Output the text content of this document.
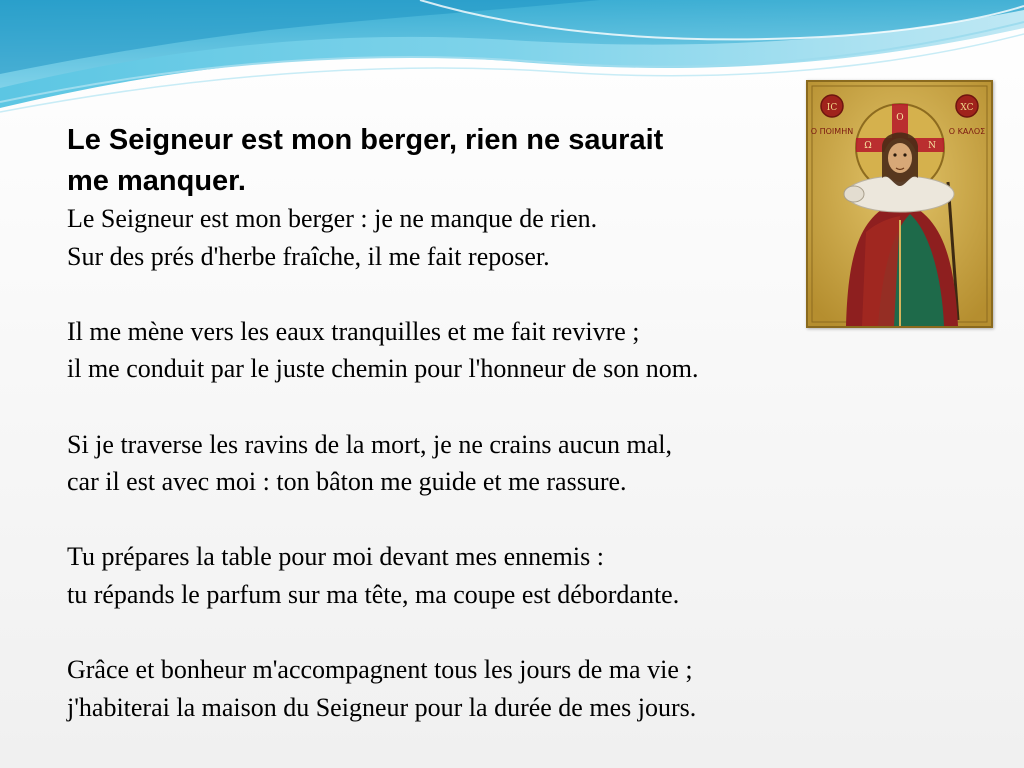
Le Seigneur est mon berger, rien ne saurait
me manquer.

Le Seigneur est mon berger : je ne manque de rien.
Sur des prés d'herbe fraîche, il me fait reposer.

Il me mène vers les eaux tranquilles et me fait revivre ;
il me conduit par le juste chemin pour l'honneur de son nom.

Si je traverse les ravins de la mort, je ne crains aucun mal,
car il est avec moi : ton bâton me guide et me rassure.

Tu prépares la table pour moi devant mes ennemis :
tu répands le parfum sur ma tête, ma coupe est débordante.

Grâce et bonheur m'accompagnent tous les jours de ma vie ;
j'habiterai la maison du Seigneur pour la durée de mes jours.

IC	XC
Ο ΠΟΙΜΗΝ	Ο ΚΑΛΟΣ
Ο
Ω	Ν
